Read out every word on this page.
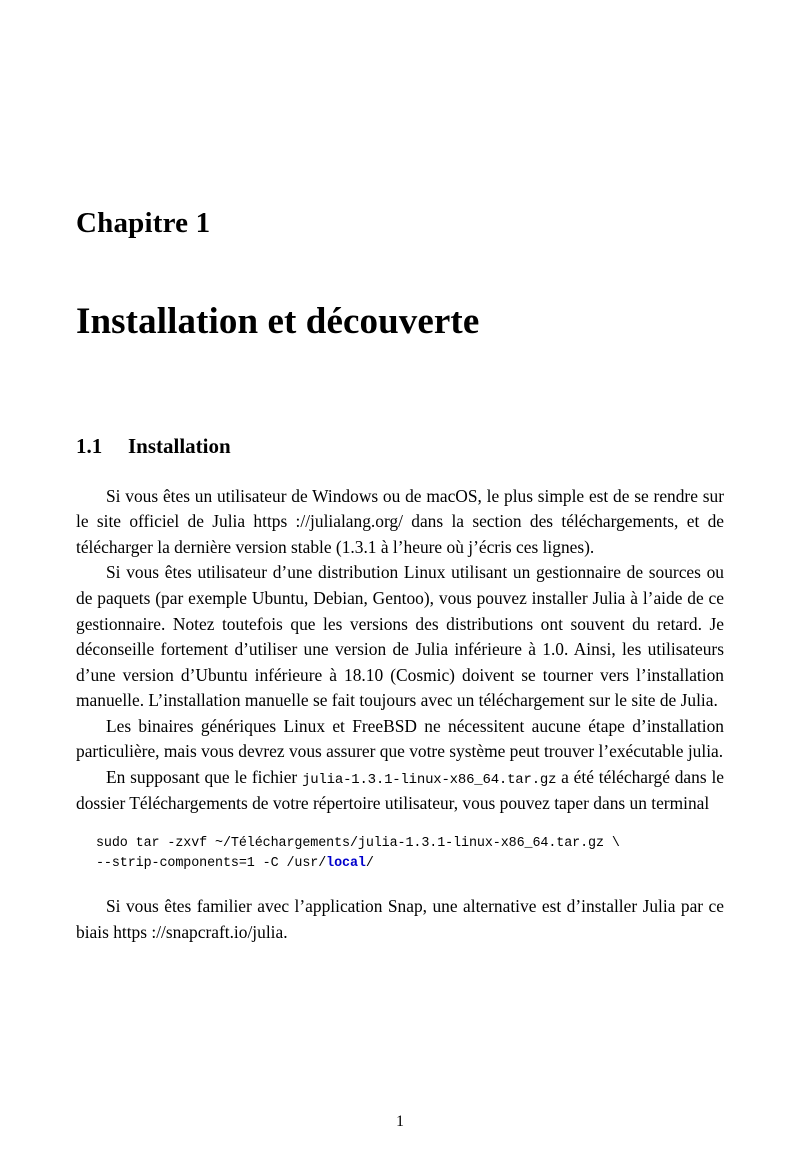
Chapitre 1
Installation et découverte
1.1 Installation

Si vous êtes un utilisateur de Windows ou de macOS, le plus simple est de se rendre sur le site officiel de Julia https ://julialang.org/ dans la section des téléchargements, et de télécharger la dernière version stable (1.3.1 à l’heure où j’écris ces lignes).

Si vous êtes utilisateur d’une distribution Linux utilisant un gestionnaire de sources ou de paquets (par exemple Ubuntu, Debian, Gentoo), vous pouvez installer Julia à l’aide de ce gestionnaire. Notez toutefois que les versions des distributions ont souvent du retard. Je déconseille fortement d’utiliser une version de Julia inférieure à 1.0. Ainsi, les utilisateurs d’une version d’Ubuntu inférieure à 18.10 (Cosmic) doivent se tourner vers l’installation manuelle. L’installation manuelle se fait toujours avec un téléchargement sur le site de Julia.

Les binaires génériques Linux et FreeBSD ne nécessitent aucune étape d’installation particulière, mais vous devrez vous assurer que votre système peut trouver l’exécutable julia.

En supposant que le fichier julia-1.3.1-linux-x86_64.tar.gz a été téléchargé dans le dossier Téléchargements de votre répertoire utilisateur, vous pouvez taper dans un terminal

sudo tar -zxvf ~/Téléchargements/julia-1.3.1-linux-x86_64.tar.gz \
--strip-components=1 -C /usr/local/

Si vous êtes familier avec l’application Snap, une alternative est d’installer Julia par ce biais https ://snapcraft.io/julia.

1
